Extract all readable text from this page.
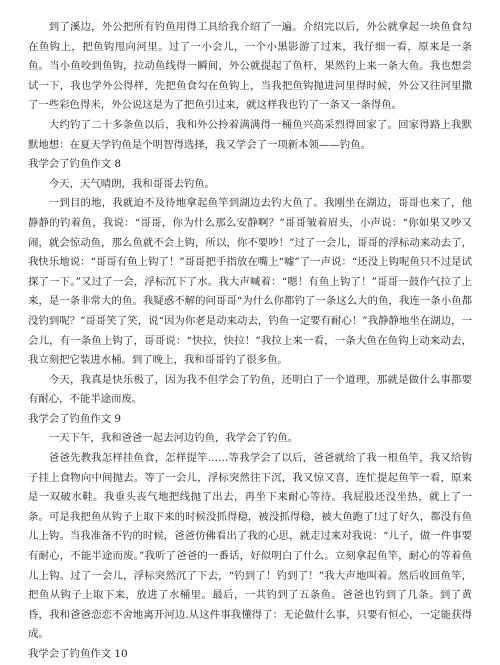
到了溪边，外公把所有钓鱼用得工具给我介绍了一遍。介绍完以后，外公就拿起一块鱼食勾在鱼钩上，把鱼钩甩向河里。过了一小会儿，一个小黑影游了过来，我仔细一看，原来是一条鱼。当小鱼咬到鱼钩，拉动鱼线得一瞬间，外公就提起了鱼杆，果然钓上来一条大鱼。我也想尝试一下，我也学外公得样，先把鱼食勾在鱼钩上，当我把鱼钩抛进河里得时候，外公又往河里撒了一些彩色得米，外公说这是为了把鱼引过来，就这样我也钓了一条又一条得鱼。

大约钓了二十多条鱼以后，我和外公拎着满满得一桶鱼兴高采烈得回家了。回家得路上我默默地想：在夏天学钓鱼是个明智得选择，我又学会了一项新本领——钓鱼。

我学会了钓鱼作文 8

今天，天气晴朗，我和哥哥去钓鱼。

一到目的地，我就迫不及待地拿起鱼竿到湖边去钓大鱼了。我刚坐在湖边，哥哥也来了，他静静的钓着鱼，我说：“哥哥，你为什么那么安静啊？”哥哥皱着眉头，小声说：“你如果又吵又闹，就会惊动鱼，那么鱼就不会上钩，所以，你不要吵！”过了一会儿，哥哥的浮标动来动去了，我快乐地说：“哥哥有鱼上钩了！”哥哥把手指放在嘴上“嘘”了一声说：“还没上钩呢鱼只不过是试探了一下。”又过了一会，浮标沉下了水。我大声喊着：“嗯！有鱼上钩了！”哥哥一鼓作气拉了上来，是一条非常大的鱼。我疑惑不解的问哥哥“为什么你都钓了一条这么大的鱼，我连一条小鱼都没钓到呢？”哥哥笑了笑，说“因为你老是动来动去，钓鱼一定要有耐心！”我静静地坐在湖边，一会儿，有一条鱼上钩了，哥哥说：“快拉，快拉！”我拉上来一看，一条大鱼在鱼钩上动来动去，我立刻把它装进水桶。到了晚上，我和哥哥钓了很多鱼。

今天，我真是快乐极了，因为我不但学会了钓鱼，还明白了一个道理，那就是做什么事都要有耐心，不能半途而废。

我学会了钓鱼作文 9

一天下午，我和爸爸一起去河边钓鱼，我学会了钓鱼。

爸爸先教我怎样挂鱼食，怎样提竿……等我学会了以后，爸爸就给了我一根鱼竿，我又给钩子挂上食物向中间抛去。等了一会儿，浮标突然往下沉，我又惊又喜，连忙提起鱼竿一看，原来是一双破水鞋。我垂头丧气地把线抛了出去，再坐下来耐心等待。我屁股还没坐热，就上了一条。可是我把鱼从钩子上取下来的时候没抓得稳，被没抓得稳，被大鱼跑了!过了好久，都没有鱼儿上钩。当我准备不钓的时候，爸爸仿佛看出了我的心思，就走过来对我说：“儿子，做一件事要有耐心，不能半途而废。”我听了爸爸的一番话，好似明白了什么。立刻拿起鱼竿，耐心的等着鱼儿上钩。过了一会儿，浮标突然沉了下去，“钓到了！钓到了！”我大声地叫着。然后收回鱼竿，把鱼从钩子上取下来，放进了水桶里。最后，一共钓到了五条鱼。爸爸也钓到了几条。到了黄昏，我和爸爸恋恋不舍地离开河边.从这件事我懂得了：无论做什么事，只要有恒心，一定能获得成。

我学会了钓鱼作文 10
